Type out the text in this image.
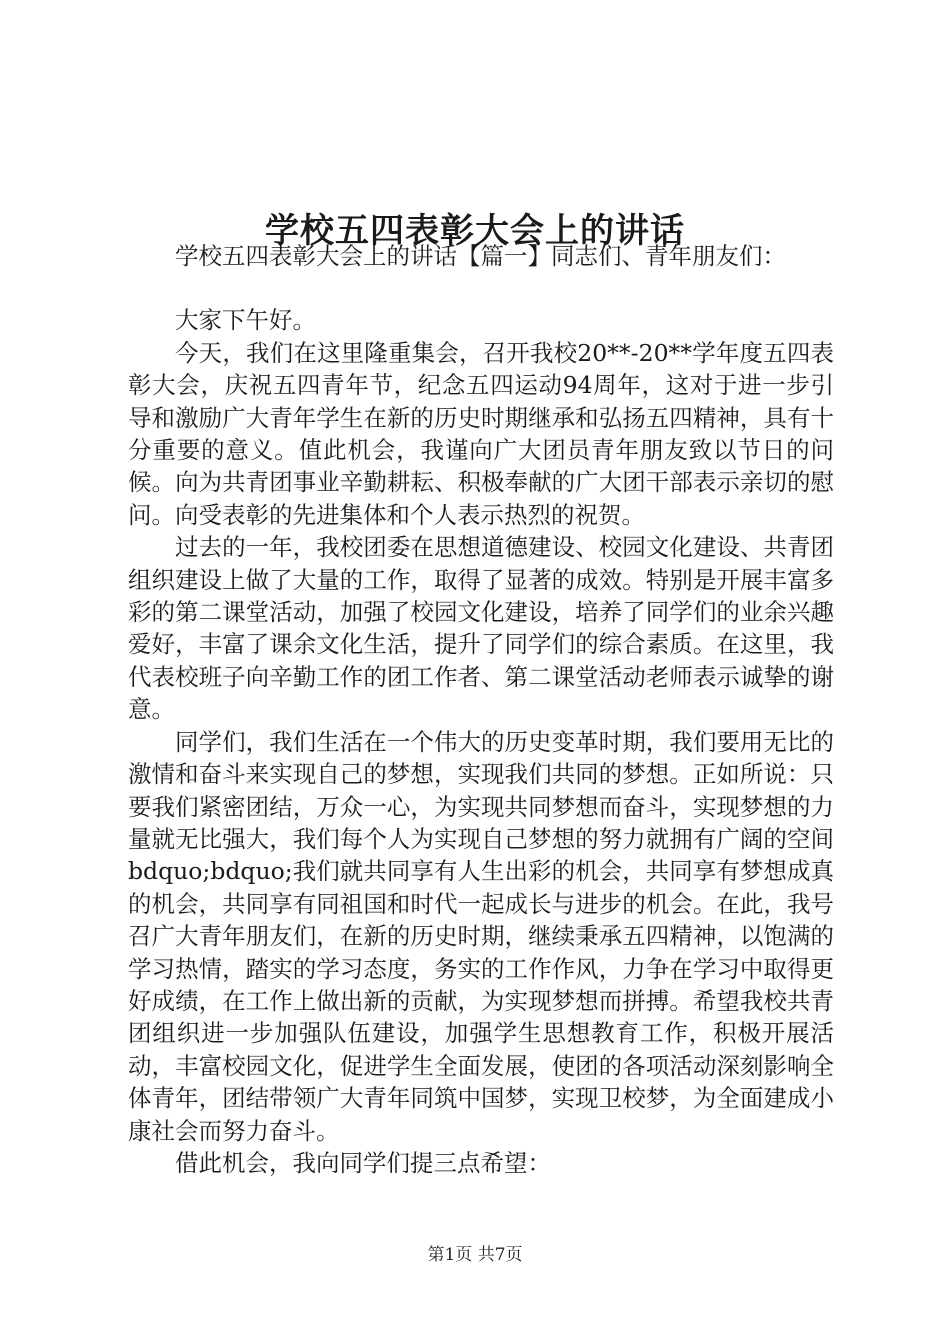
学校五四表彰大会上的讲话

学校五四表彰大会上的讲话【篇一】同志们、青年朋友们：

大家下午好。

今天，我们在这里隆重集会，召开我校20**-20**学年度五四表彰大会，庆祝五四青年节，纪念五四运动94周年，这对于进一步引导和激励广大青年学生在新的历史时期继承和弘扬五四精神，具有十分重要的意义。值此机会，我谨向广大团员青年朋友致以节日的问候。向为共青团事业辛勤耕耘、积极奉献的广大团干部表示亲切的慰问。向受表彰的先进集体和个人表示热烈的祝贺。

过去的一年，我校团委在思想道德建设、校园文化建设、共青团组织建设上做了大量的工作，取得了显著的成效。特别是开展丰富多彩的第二课堂活动，加强了校园文化建设，培养了同学们的业余兴趣爱好，丰富了课余文化生活，提升了同学们的综合素质。在这里，我代表校班子向辛勤工作的团工作者、第二课堂活动老师表示诚挚的谢意。

同学们，我们生活在一个伟大的历史变革时期，我们要用无比的激情和奋斗来实现自己的梦想，实现我们共同的梦想。正如所说：只要我们紧密团结，万众一心，为实现共同梦想而奋斗，实现梦想的力量就无比强大，我们每个人为实现自己梦想的努力就拥有广阔的空间bdquo;bdquo;我们就共同享有人生出彩的机会，共同享有梦想成真的机会，共同享有同祖国和时代一起成长与进步的机会。在此，我号召广大青年朋友们，在新的历史时期，继续秉承五四精神，以饱满的学习热情，踏实的学习态度，务实的工作作风，力争在学习中取得更好成绩，在工作上做出新的贡献，为实现梦想而拼搏。希望我校共青团组织进一步加强队伍建设，加强学生思想教育工作，积极开展活动，丰富校园文化，促进学生全面发展，使团的各项活动深刻影响全体青年，团结带领广大青年同筑中国梦，实现卫校梦，为全面建成小康社会而努力奋斗。

借此机会，我向同学们提三点希望：

第1页 共7页
